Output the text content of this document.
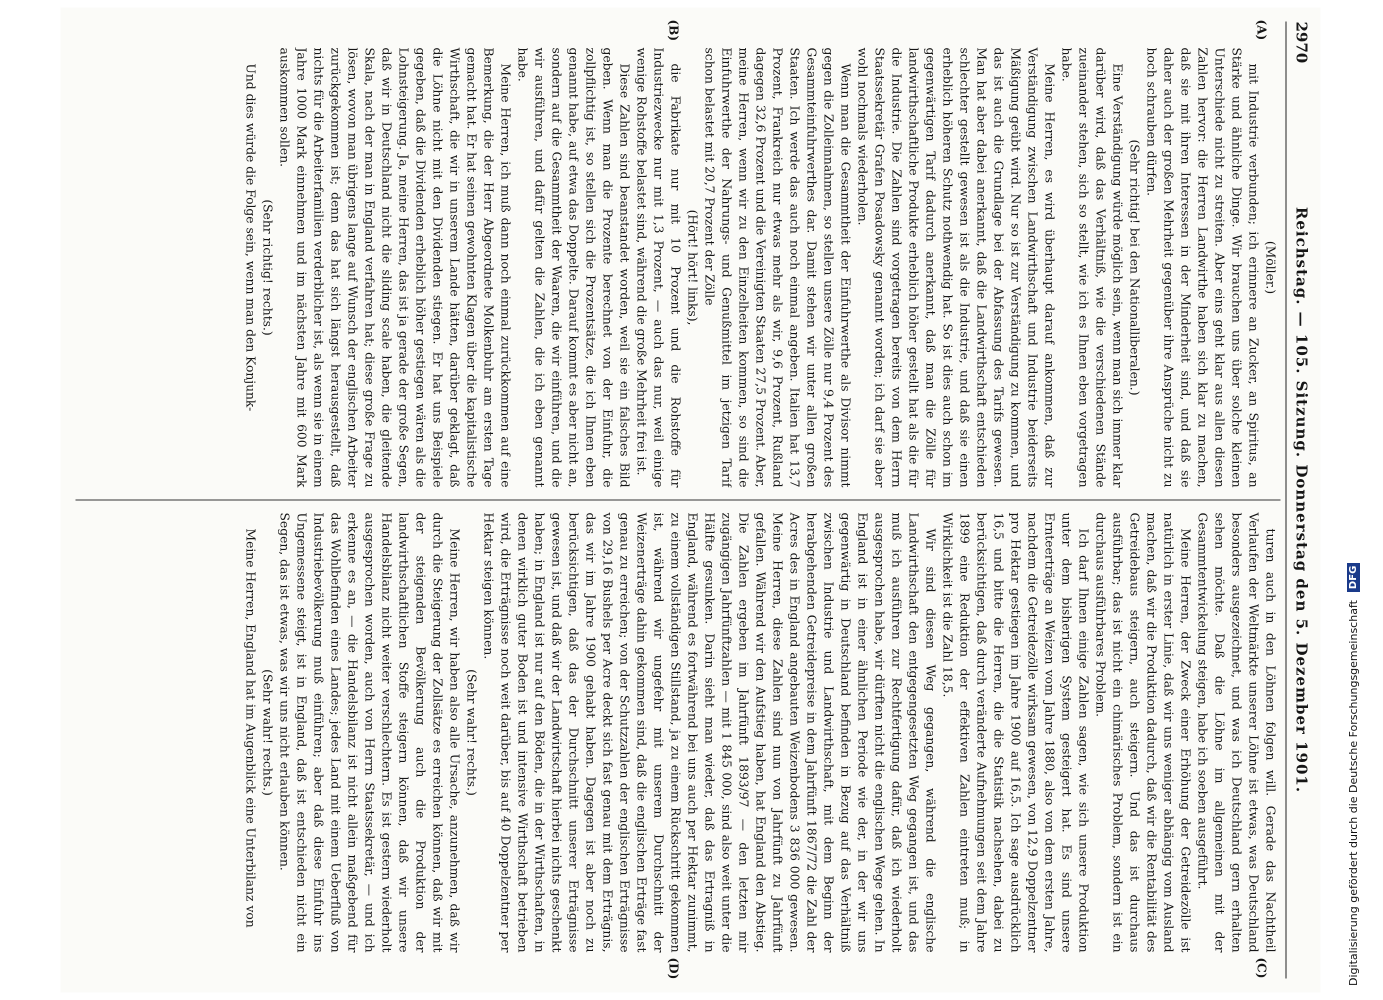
2970
Reichstag. — 105. Sitzung. Donnerstag den 5. Dezember 1901.
(A)
(B)
(C)
(D)

(Möller.)

mit Industrie verbunden; ich erinnere an Zucker, an Spiritus, an Stärke und ähnliche Dinge. Wir brauchen uns über solche kleinen Unterschiede nicht zu streiten. Aber eins geht klar aus allen diesen Zahlen hervor: die Herren Landwirthe haben sich klar zu machen, daß sie mit ihren Interessen in der Minderheit sind, und daß sie daher auch der großen Mehrheit gegenüber ihre Ansprüche nicht zu hoch schrauben dürfen.

(Sehr richtig! bei den Nationalliberalen.)

Eine Verständigung würde möglich sein, wenn man sich immer klar darüber wird, daß das Verhältniß, wie die verschiedenen Stände zueinander stehen, sich so stellt, wie ich es Ihnen eben vorgetragen habe.

Meine Herren, es wird überhaupt darauf ankommen, daß zur Verständigung zwischen Landwirthschaft und Industrie beiderseits Mäßigung geübt wird. Nur so ist zur Verständigung zu kommen, und das ist auch die Grundlage bei der Abfassung des Tarifs gewesen. Man hat aber dabei anerkannt, daß die Landwirthschaft entschieden schlechter gestellt gewesen ist als die Industrie, und daß sie einen erheblich höheren Schutz nothwendig hat. So ist dies auch schon im gegenwärtigen Tarif dadurch anerkannt, daß man die Zölle für landwirthschaftliche Produkte erheblich höher gestellt hat als die für die Industrie. Die Zahlen sind vorgetragen bereits von dem Herrn Staatssekretär Grafen Posadowsky genannt worden; ich darf sie aber wohl nochmals wiederholen.

Wenn man die Gesammtheit der Einfuhrwerthe als Divisor nimmt gegen die Zolleinnahmen, so stellen unsere Zölle nur 9,4 Prozent des Gesammteinfuhrwerthes dar. Damit stehen wir unter allen großen Staaten. Ich werde das auch noch einmal angeben. Italien hat 13,7 Prozent, Frankreich nur etwas mehr als wir, 9,6 Prozent, Rußland dagegen 32,6 Prozent und die Vereinigten Staaten 27,5 Prozent. Aber, meine Herren, wenn wir zu den Einzelheiten kommen, so sind die Einfuhrwerthe der Nahrungs- und Genußmittel im jetzigen Tarif schon belastet mit 20,7 Prozent der Zölle

(Hört! hört! links),

die Fabrikate nur mit 10 Prozent und die Rohstoffe für Industriezwecke nur mit 1,3 Prozent, — auch das nur, weil einige wenige Rohstoffe belastet sind, während die große Mehrheit frei ist.

Diese Zahlen sind beanstandet worden, weil sie ein falsches Bild geben. Wenn man die Prozente berechnet von der Einfuhr, die zollpflichtig ist, so stellen sich die Prozentsätze, die ich Ihnen eben genannt habe, auf etwa das Doppelte. Darauf kommt es aber nicht an, sondern auf die Gesammtheit der Waaren, die wir einführen, und die wir ausführen, und dafür gelten die Zahlen, die ich eben genannt habe.

Meine Herren, ich muß dann noch einmal zurückkommen auf eine Bemerkung, die der Herr Abgeordnete Molkenbuhr am ersten Tage gemacht hat. Er hat seinen gewohnten Klagen über die kapitalistische Wirthschaft, die wir in unserem Lande hätten, darüber geklagt, daß die Löhne nicht mit den Dividenden stiegen. Er hat uns Beispiele gegeben, daß die Dividenden erheblich höher gestiegen wären als die Lohnsteigerung. Ja, meine Herren, das ist ja gerade der große Segen, daß wir in Deutschland nicht die sliding scale haben, die gleitende Skala, nach der man in England verfahren hat; diese große Frage zu lösen, wovon man übrigens lange auf Wunsch der englischen Arbeiter zurückgekommen ist; denn das hat sich längst herausgestellt, daß nichts für die Arbeiterfamilien verderblicher ist, als wenn sie in einem Jahre 1000 Mark einnehmen und im nächsten Jahre mit 600 Mark auskommen sollen.

(Sehr richtig! rechts.)

Und dies würde die Folge sein, wenn man den Konjunk-

turen auch in den Löhnen folgen will. Gerade das Nachtheil Verlaufen der Weltmärkte unserer Löhne ist etwas, was Deutschland besonders ausgezeichnet, und was ich Deutschland gern erhalten sehen möchte. Daß die Löhne im allgemeinen mit der Gesammtentwickelung steigen, habe ich soeben ausgeführt.

Meine Herren, der Zweck einer Erhöhung der Getreidezölle ist natürlich in erster Linie, daß wir uns weniger abhängig vom Ausland machen, daß wir die Produktion dadurch, daß wir die Rentabilität des Getreidebaus steigern, auch steigern. Und das ist durchaus ausführbar; das ist nicht ein chimärisches Problem, sondern ist ein durchaus ausführbares Problem.

Ich darf Ihnen einige Zahlen sagen, wie sich unsere Produktion unter dem bisherigen System gesteigert hat. Es sind unsere Ernteerträge an Weizen vom Jahre 1880, also von dem ersten Jahre, nachdem die Getreidezölle wirksam gewesen, von 12,9 Doppelzentner pro Hektar gestiegen im Jahre 1900 auf 16,5. Ich sage ausdrücklich 16,5 und bitte die Herren, die die Statistik nachsehen, dabei zu berücksichtigen, daß durch veränderte Aufnehmungen seit dem Jahre 1899 eine Reduktion der effektiven Zahlen eintreten muß; in Wirklichkeit ist die Zahl 18,5.

Wir sind diesen Weg gegangen, während die englische Landwirthschaft den entgegengesetzten Weg gegangen ist, und das muß ich ausführen zur Rechtfertigung dafür, daß ich wiederholt ausgesprochen habe, wir dürften nicht die englischen Wege gehen. In England ist in einer ähnlichen Periode wie der, in der wir uns gegenwärtig in Deutschland befinden in Bezug auf das Verhältniß zwischen Industrie und Landwirthschaft, mit dem Beginn der herabgehenden Getreidepreise in dem Jahrfünft 1867/72 die Zahl der Acres des in England angebauten Weizenbodens 3 836 000 gewesen. Meine Herren, diese Zahlen sind nun von Jahrfünft zu Jahrfünft gefallen. Während wir den Aufstieg haben, hat England den Abstieg. Die Zahlen ergeben im Jahrfünft 1893/97 — den letzten mir zugängigen Jahrfünftzahlen — mit 1 845 000, sind also weit unter die Hälfte gesunken. Darin sieht man wieder, daß das Ertragniß in England, während es fortwährend bei uns auch per Hektar zunimmt, zu einem vollständigen Stillstand, ja zu einem Rückschritt gekommen ist, während wir ungefehr mit unserem Durchschnitt der Weizenerträge dahin gekommen sind, daß die englischen Erträge fast genau zu erreichen; von der Schutzzahlen der englischen Erträgnisse von 29,16 Bushels per Acre deckt sich fast genau mit dem Erträgnis, das wir im Jahre 1900 gehabt haben. Dagegen ist aber noch zu berücksichtigen, daß das der Durchschnitt unserer Erträgnisse gewesen ist, und daß wir der Landwirtschaft hierbei nichts geschenkt haben; in England ist nur auf den Böden, die in der Wirthschaften, in denen wirklich guter Boden ist und intensive Wirthschaft betrieben wird, die Erträgnisse noch weit darüber, bis auf 40 Doppelzentner per Hektar steigen können.

(Sehr wahr! rechts.)

Meine Herren, wir haben also alle Ursache, anzunehmen, daß wir durch die Steigerung der Zollsätze es erreichen können, daß wir mit der steigenden Bevölkerung auch die Produktion der landwirthschaftlichen Stoffe steigern können, daß wir unsere Handelsbilanz nicht weiter verschlechtern. Es ist gestern wiederholt ausgesprochen worden, auch von Herrn Staatssekretär, — und ich erkenne es an, — die Handelsbilanz ist nicht allein maßgebend für das Wohlbefinden eines Landes; jedes Land mit einem Ueberfluß von Industriebevölkerung muß einführen; aber daß diese Einfuhr ins Ungemessene steigt, ist in England, daß ist entschieden nicht ein Segen, das ist etwas, was wir uns nicht erlauben können.

(Sehr wahr! rechts.)

Meine Herren, England hat im Augenblick eine Unterbilanz von	Digitalisierung gefördert durch die Deutsche Forschungsgemeinschaft
DFG
